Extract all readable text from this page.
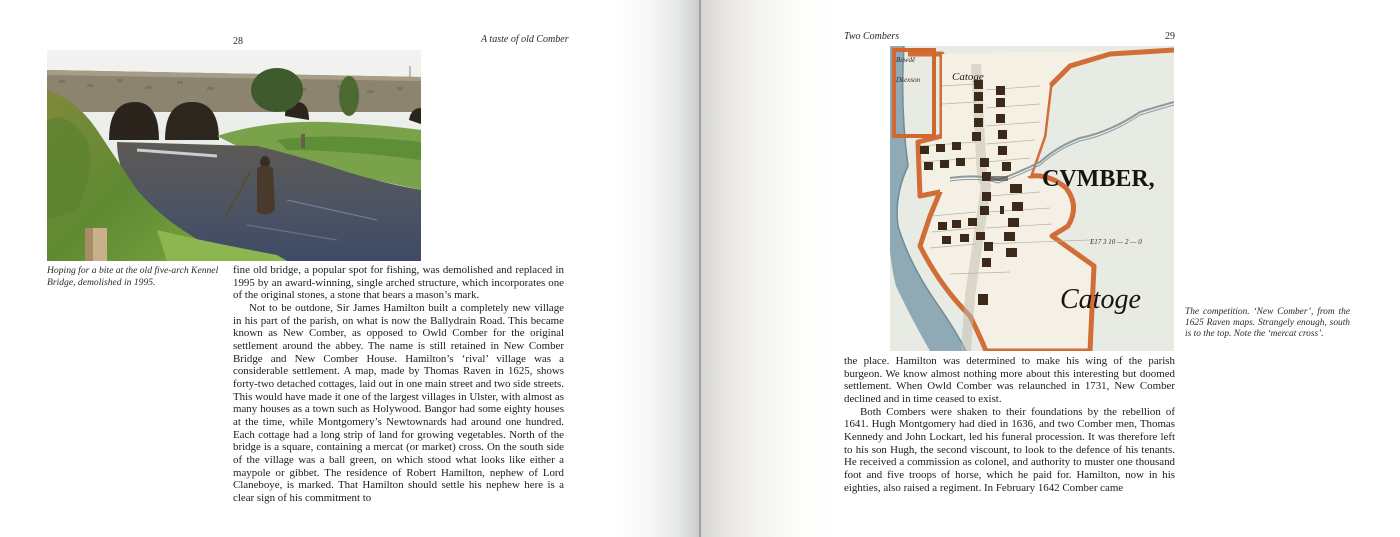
28	A taste of old Comber
Hoping for a bite at the old five-arch Kennel Bridge, demolished in 1995.

fine old bridge, a popular spot for fishing, was demolished and replaced in 1995 by an award-winning, single arched structure, which incorporates one of the original stones, a stone that bears a mason’s mark.

Not to be outdone, Sir James Hamilton built a completely new village in his part of the parish, on what is now the Ballydrain Road. This became known as New Comber, as opposed to Owld Comber for the original settlement around the abbey. The name is still retained in New Comber Bridge and New Comber House. Hamilton’s ‘rival’ village was a considerable settlement. A map, made by Thomas Raven in 1625, shows forty-two detached cottages, laid out in one main street and two side streets. This would have made it one of the largest villages in Ulster, with almost as many houses as a town such as Holywood. Bangor had some eighty houses at the time, while Montgomery’s Newtownards had around one hundred. Each cottage had a long strip of land for growing vegetables. North of the bridge is a square, containing a mercat (or market) cross. On the south side of the village was a ball green, on which stood what looks like either a maypole or gibbet. The residence of Robert Hamilton, nephew of Lord Claneboye, is marked. That Hamilton should settle his nephew here is a clear sign of his commitment to

Two Combers	29
Bowdē
Dkexson	Catoge
CVMBER,
E17 3 10 — 2 — 0
Catoge	The competition. ‘New Comber’, from the 1625 Raven maps. Strangely enough, south is to the top. Note the ‘mercat cross’.

the place. Hamilton was determined to make his wing of the parish burgeon. We know almost nothing more about this interesting but doomed settlement. When Owld Comber was relaunched in 1731, New Comber declined and in time ceased to exist.

Both Combers were shaken to their foundations by the rebellion of 1641. Hugh Montgomery had died in 1636, and two Comber men, Thomas Kennedy and John Lockart, led his funeral procession. It was therefore left to his son Hugh, the second viscount, to look to the defence of his tenants. He received a commission as colonel, and authority to muster one thousand foot and five troops of horse, which he paid for. Hamilton, now in his eighties, also raised a regiment. In February 1642 Comber came
